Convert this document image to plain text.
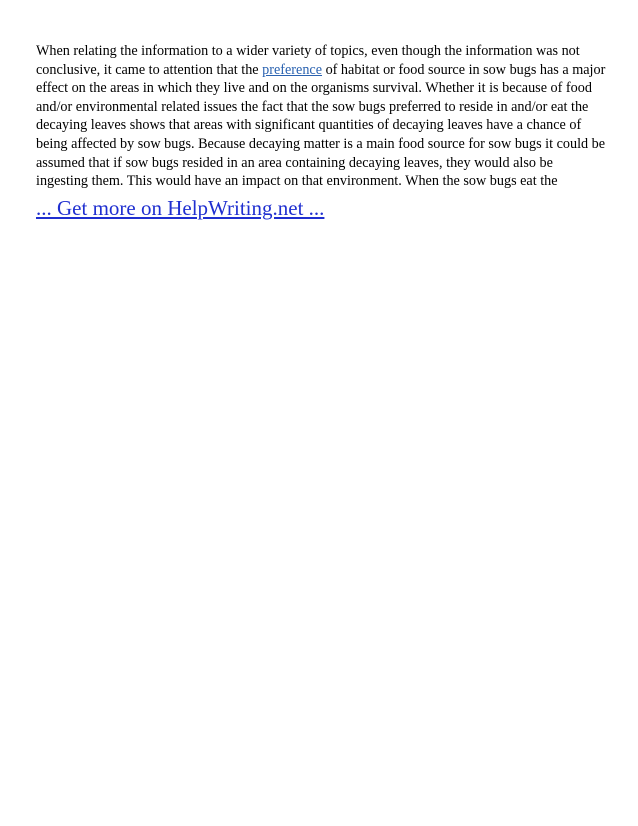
When relating the information to a wider variety of topics, even though the information was not
conclusive, it came to attention that the preference of habitat or food source in sow bugs has a major
effect on the areas in which they live and on the organisms survival. Whether it is because of food
and/or environmental related issues the fact that the sow bugs preferred to reside in and/or eat the
decaying leaves shows that areas with significant quantities of decaying leaves have a chance of
being affected by sow bugs. Because decaying matter is a main food source for sow bugs it could be
assumed that if sow bugs resided in an area containing decaying leaves, they would also be
ingesting them. This would have an impact on that environment. When the sow bugs eat the

... Get more on HelpWriting.net ...
